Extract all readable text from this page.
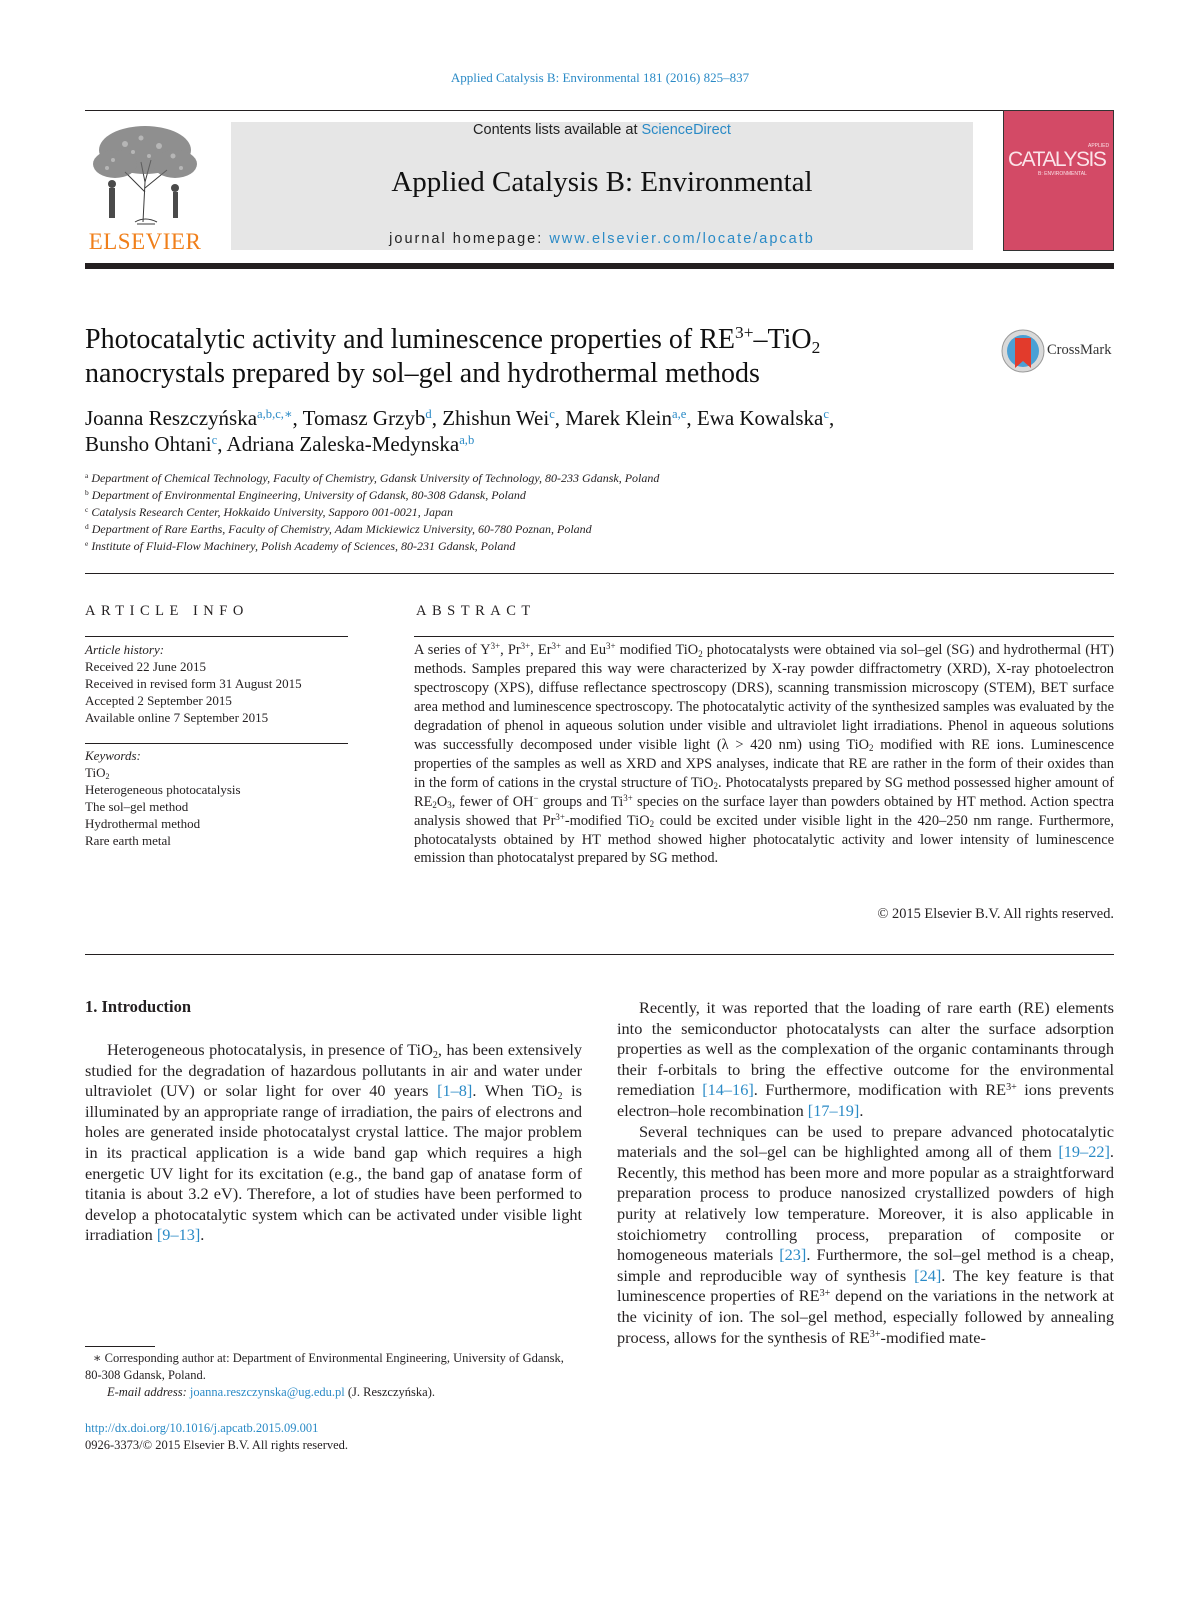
Applied Catalysis B: Environmental 181 (2016) 825–837
ELSEVIER
Contents lists available at ScienceDirect
Applied Catalysis B: Environmental
journal homepage: www.elsevier.com/locate/apcatb
APPLIED
CATALYSIS
B: ENVIRONMENTAL
Photocatalytic activity and luminescence properties of $RE^{3+}-TiO_2$
nanocrystals prepared by sol–gel and hydrothermal methods
CrossMark
Joanna Reszczyńska$^{a,b,c,∗}$, Tomasz Grzyb$^d$, Zhishun Wei$^c$, Marek Klein$^{a,e}$, Ewa Kowalska$^c$,
Bunsho Ohtani$^c$, Adriana Zaleska-Medynska$^{a,b}$
$^a$ Department of Chemical Technology, Faculty of Chemistry, Gdansk University of Technology, 80-233 Gdansk, Poland
$^b$ Department of Environmental Engineering, University of Gdansk, 80-308 Gdansk, Poland
$^c$ Catalysis Research Center, Hokkaido University, Sapporo 001-0021, Japan
$^d$ Department of Rare Earths, Faculty of Chemistry, Adam Mickiewicz University, 60-780 Poznan, Poland
$^e$ Institute of Fluid-Flow Machinery, Polish Academy of Sciences, 80-231 Gdansk, Poland
ARTICLE INFO
Article history:
Received 22 June 2015
Received in revised form 31 August 2015
Accepted 2 September 2015
Available online 7 September 2015
Keywords:
TiO$_2$
Heterogeneous photocatalysis
The sol–gel method
Hydrothermal method
Rare earth metal
ABSTRACT
A series of $Y^{3+}$, $Pr^{3+}$, $Er^{3+}$ and $Eu^{3+}$ modified TiO$_2$ photocatalysts were obtained via sol–gel (SG) and hydrothermal (HT) methods. Samples prepared this way were characterized by X-ray powder diffractometry (XRD), X-ray photoelectron spectroscopy (XPS), diffuse reflectance spectroscopy (DRS), scanning transmission microscopy (STEM), BET surface area method and luminescence spectroscopy. The photocatalytic activity of the synthesized samples was evaluated by the degradation of phenol in aqueous solution under visible and ultraviolet light irradiations. Phenol in aqueous solutions was successfully decomposed under visible light (λ > 420 nm) using TiO$_2$ modified with RE ions. Luminescence properties of the samples as well as XRD and XPS analyses, indicate that RE are rather in the form of their oxides than in the form of cations in the crystal structure of TiO$_2$. Photocatalysts prepared by SG method possessed higher amount of $RE_2O_3$, fewer of OH− groups and $Ti^{3+}$ species on the surface layer than powders obtained by HT method. Action spectra analysis showed that $Pr^{3+}$-modified TiO$_2$ could be excited under visible light in the 420–250 nm range. Furthermore, photocatalysts obtained by HT method showed higher photocatalytic activity and lower intensity of luminescence emission than photocatalyst prepared by SG method.
© 2015 Elsevier B.V. All rights reserved.
1. Introduction

Heterogeneous photocatalysis, in presence of TiO$_2$, has been extensively studied for the degradation of hazardous pollutants in air and water under ultraviolet (UV) or solar light for over 40 years [1–8]. When TiO$_2$ is illuminated by an appropriate range of irradiation, the pairs of electrons and holes are generated inside photocatalyst crystal lattice. The major problem in its practical application is a wide band gap which requires a high energetic UV light for its excitation (e.g., the band gap of anatase form of titania is about 3.2 eV). Therefore, a lot of studies have been performed to develop a photocatalytic system which can be activated under visible light irradiation [9–13].

Recently, it was reported that the loading of rare earth (RE) elements into the semiconductor photocatalysts can alter the surface adsorption properties as well as the complexation of the organic contaminants through their f-orbitals to bring the effective outcome for the environmental remediation [14–16]. Furthermore, modification with $RE^{3+}$ ions prevents electron–hole recombination [17–19].

Several techniques can be used to prepare advanced photocatalytic materials and the sol–gel can be highlighted among all of them [19–22]. Recently, this method has been more and more popular as a straightforward preparation process to produce nanosized crystallized powders of high purity at relatively low temperature. Moreover, it is also applicable in stoichiometry controlling process, preparation of composite or homogeneous materials [23]. Furthermore, the sol–gel method is a cheap, simple and reproducible way of synthesis [24]. The key feature is that luminescence properties of $RE^{3+}$ depend on the variations in the network at the vicinity of ion. The sol–gel method, especially followed by annealing process, allows for the synthesis of $RE^{3+}$-modified mate-

∗ Corresponding author at: Department of Environmental Engineering, University of Gdansk, 80-308 Gdansk, Poland.

E-mail address: joanna.reszczynska@ug.edu.pl (J. Reszczyńska).

http://dx.doi.org/10.1016/j.apcatb.2015.09.001
0926-3373/© 2015 Elsevier B.V. All rights reserved.
